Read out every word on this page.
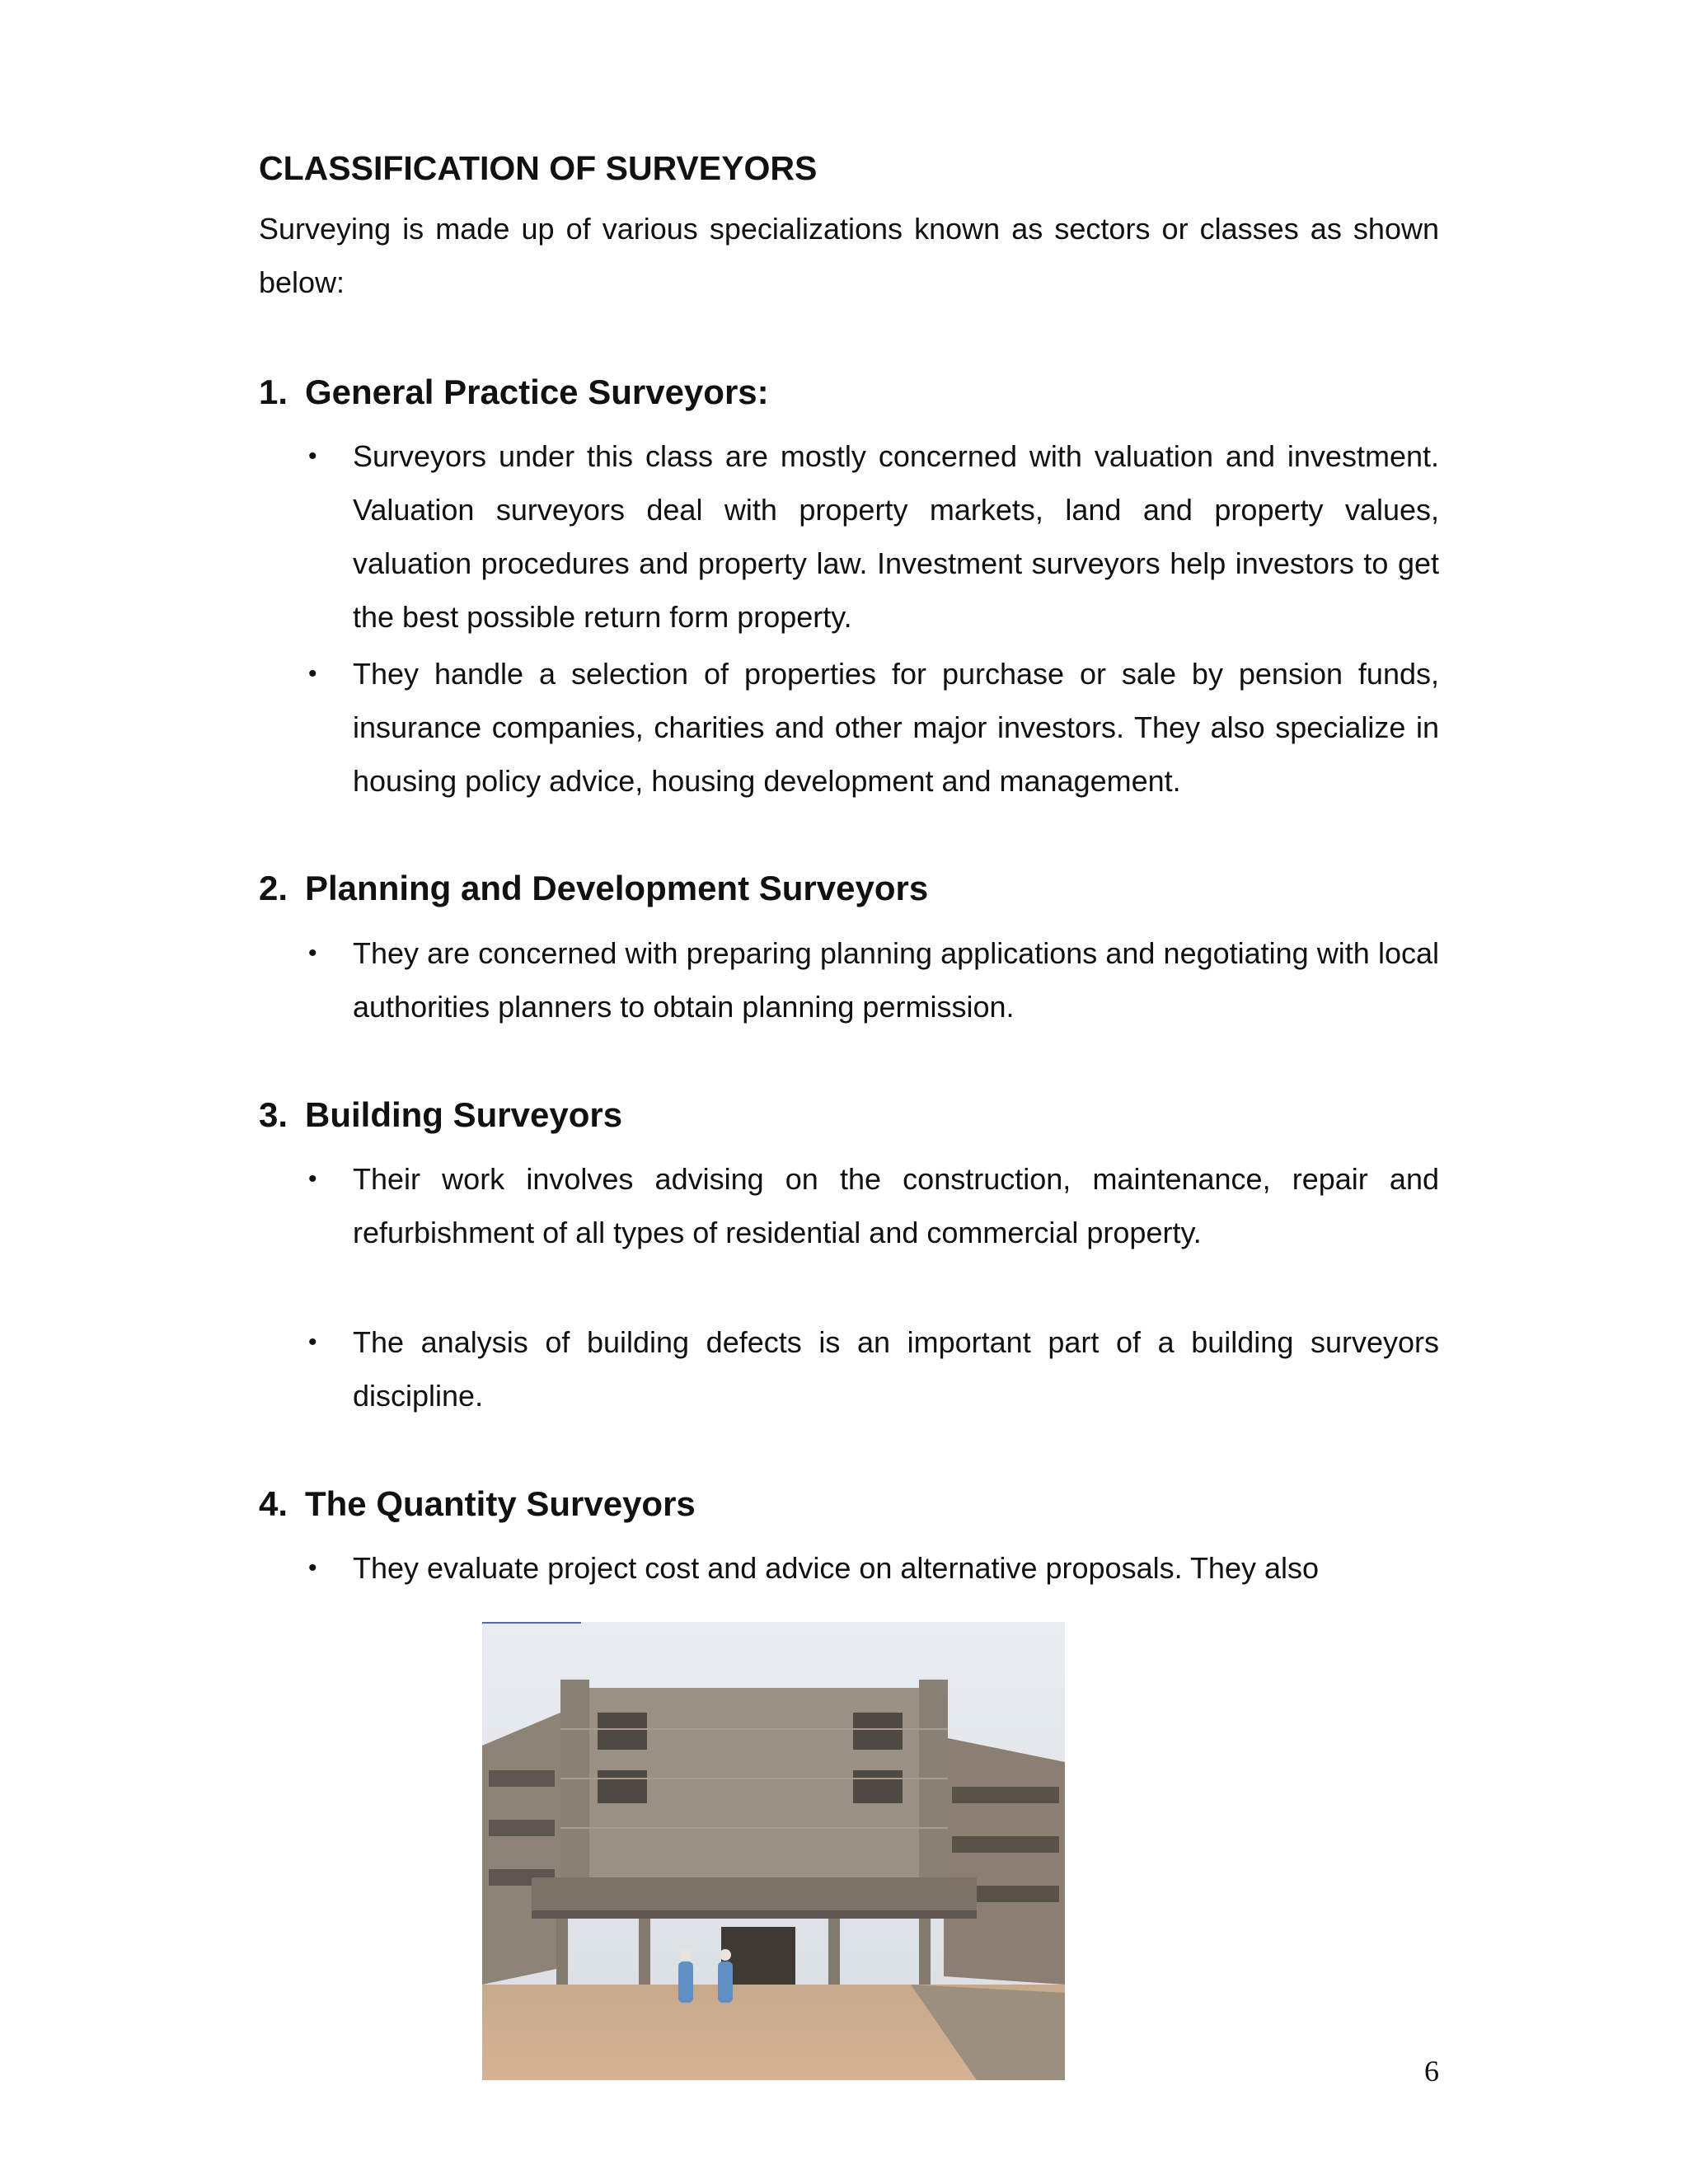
CLASSIFICATION OF SURVEYORS

Surveying is made up of various specializations known as sectors or classes as shown below:

1. General Practice Surveyors:
•	Surveyors under this class are mostly concerned with valuation and investment. Valuation surveyors deal with property markets, land and property values, valuation procedures and property law. Investment surveyors help investors to get the best possible return form property.
•	They handle a selection of properties for purchase or sale by pension funds, insurance companies, charities and other major investors. They also specialize in housing policy advice, housing development and management.
2. Planning and Development Surveyors
•	They are concerned with preparing planning applications and negotiating with local authorities planners to obtain planning permission.
3. Building Surveyors
•	Their work involves advising on the construction, maintenance, repair and refurbishment of all types of residential and commercial property.
•	The analysis of building defects is an important part of a building surveyors discipline.
4. The Quantity Surveyors
•	They evaluate project cost and advice on alternative proposals. They also
6
